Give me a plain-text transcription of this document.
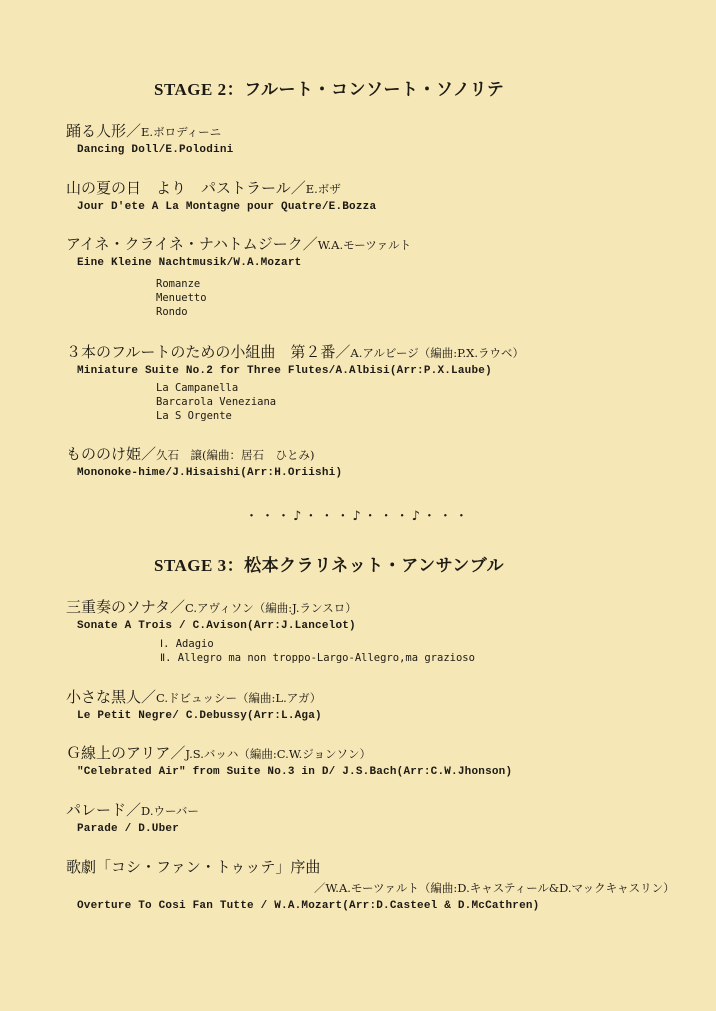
STAGE 2：フルート・コンソート・ソノリテ
踊る人形／E.ボロディーニ
Dancing Doll/E.Polodini
山の夏の日　より　パストラール／E.ボザ
Jour D'ete A La Montagne pour Quatre/E.Bozza
アイネ・クライネ・ナハトムジーク／W.A.モーツァルト
Eine Kleine Nachtmusik/W.A.Mozart
Romanze
Menuetto
Rondo
３本のフルートのための小組曲　第２番／A.アルビージ（編曲:P.X.ラウベ）
Miniature Suite No.2 for Three Flutes/A.Albisi(Arr:P.X.Laube)
La Campanella
Barcarola Veneziana
La S Orgente
もののけ姫／久石　譲(編曲：居石　ひとみ)
Mononoke-hime/J.Hisaishi(Arr:H.Oriishi)
・・・♪・・・♪・・・♪・・・
STAGE 3：松本クラリネット・アンサンブル
三重奏のソナタ／C.アヴィソン（編曲:J.ランスロ）
Sonate A Trois / C.Avison(Arr:J.Lancelot)
Ⅰ. Adagio
Ⅱ. Allegro ma non troppo-Largo-Allegro,ma grazioso
小さな黒人／C.ドビュッシー（編曲:L.アガ）
Le Petit Negre/ C.Debussy(Arr:L.Aga)
Ｇ線上のアリア／J.S.バッハ（編曲:C.W.ジョンソン）
"Celebrated Air" from Suite No.3 in D/ J.S.Bach(Arr:C.W.Jhonson)
パレード／D.ウーバー
Parade / D.Uber
歌劇「コシ・ファン・トゥッテ」序曲
／W.A.モーツァルト（編曲:D.キャスティール&D.マックキャスリン）
Overture To Cosi Fan Tutte / W.A.Mozart(Arr:D.Casteel & D.McCathren)
